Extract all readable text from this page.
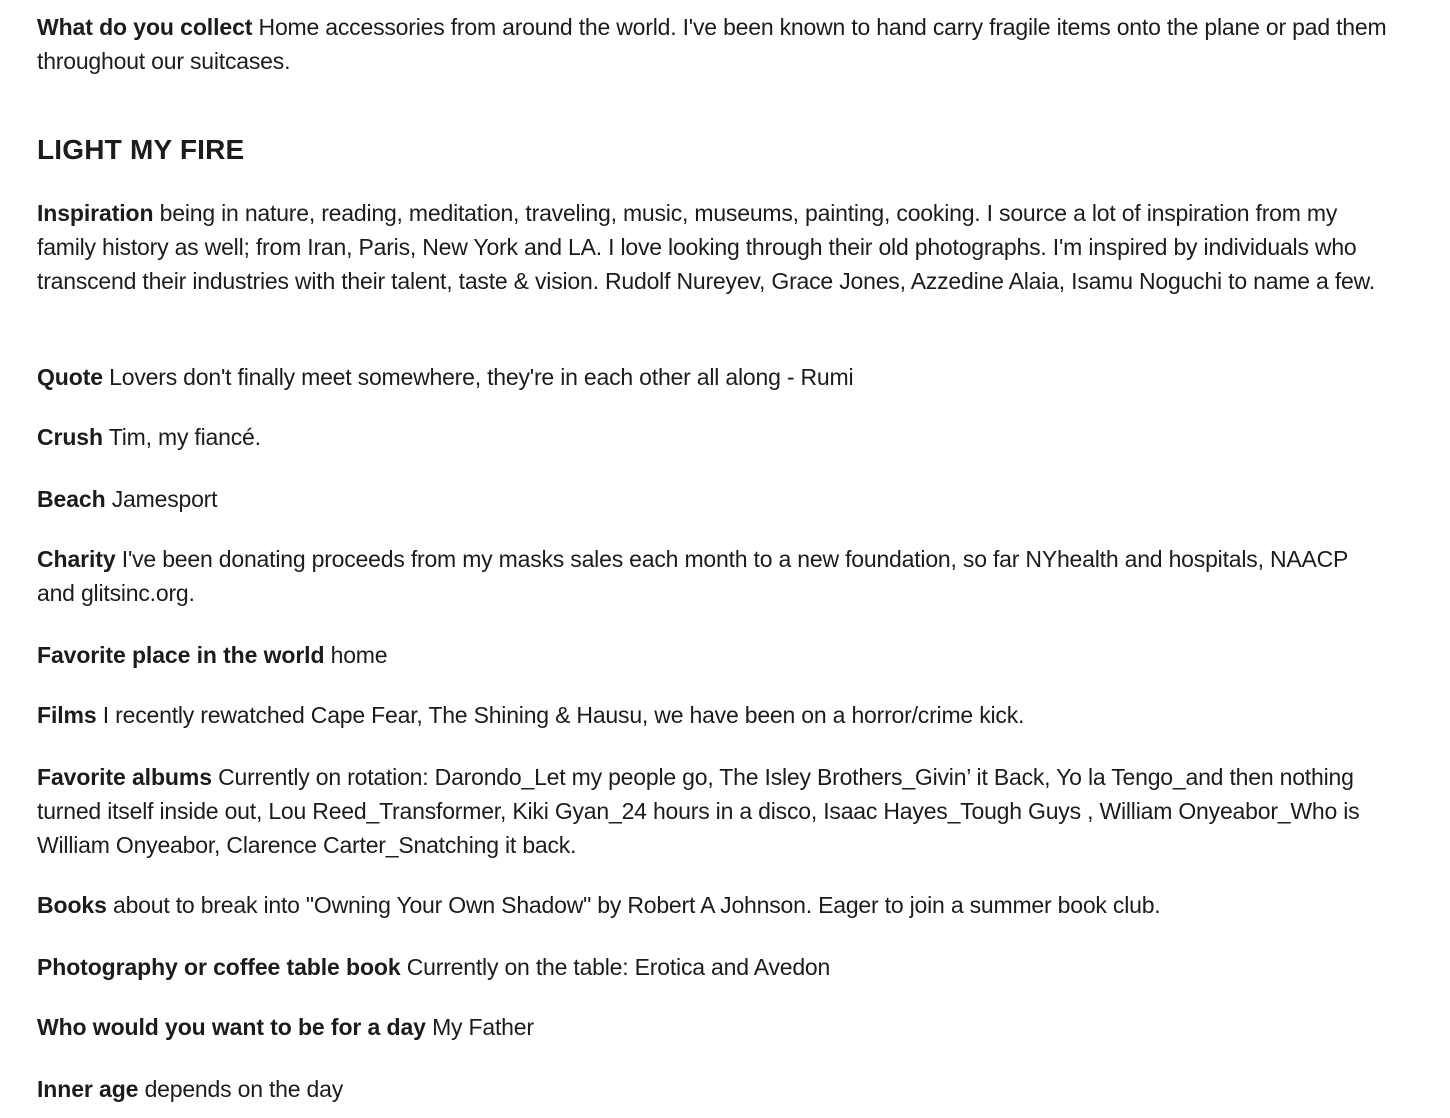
What do you collect Home accessories from around the world. I've been known to hand carry fragile items onto the plane or pad them throughout our suitcases.

LIGHT MY FIRE

Inspiration being in nature, reading, meditation, traveling, music, museums, painting, cooking. I source a lot of inspiration from my family history as well; from Iran, Paris, New York and LA. I love looking through their old photographs. I'm inspired by individuals who transcend their industries with their talent, taste & vision. Rudolf Nureyev, Grace Jones, Azzedine Alaia, Isamu Noguchi to name a few.

Quote Lovers don't finally meet somewhere, they're in each other all along - Rumi

Crush Tim, my fiancé.

Beach Jamesport

Charity I've been donating proceeds from my masks sales each month to a new foundation, so far NYhealth and hospitals, NAACP and glitsinc.org.

Favorite place in the world home

Films I recently rewatched Cape Fear, The Shining & Hausu, we have been on a horror/crime kick.

Favorite albums Currently on rotation: Darondo_Let my people go, The Isley Brothers_Givin’ it Back, Yo la Tengo_and then nothing turned itself inside out, Lou Reed_Transformer, Kiki Gyan_24 hours in a disco, Isaac Hayes_Tough Guys , William Onyeabor_Who is William Onyeabor, Clarence Carter_Snatching it back.

Books about to break into "Owning Your Own Shadow" by Robert A Johnson. Eager to join a summer book club.

Photography or coffee table book Currently on the table: Erotica and Avedon

Who would you want to be for a day My Father

Inner age depends on the day
